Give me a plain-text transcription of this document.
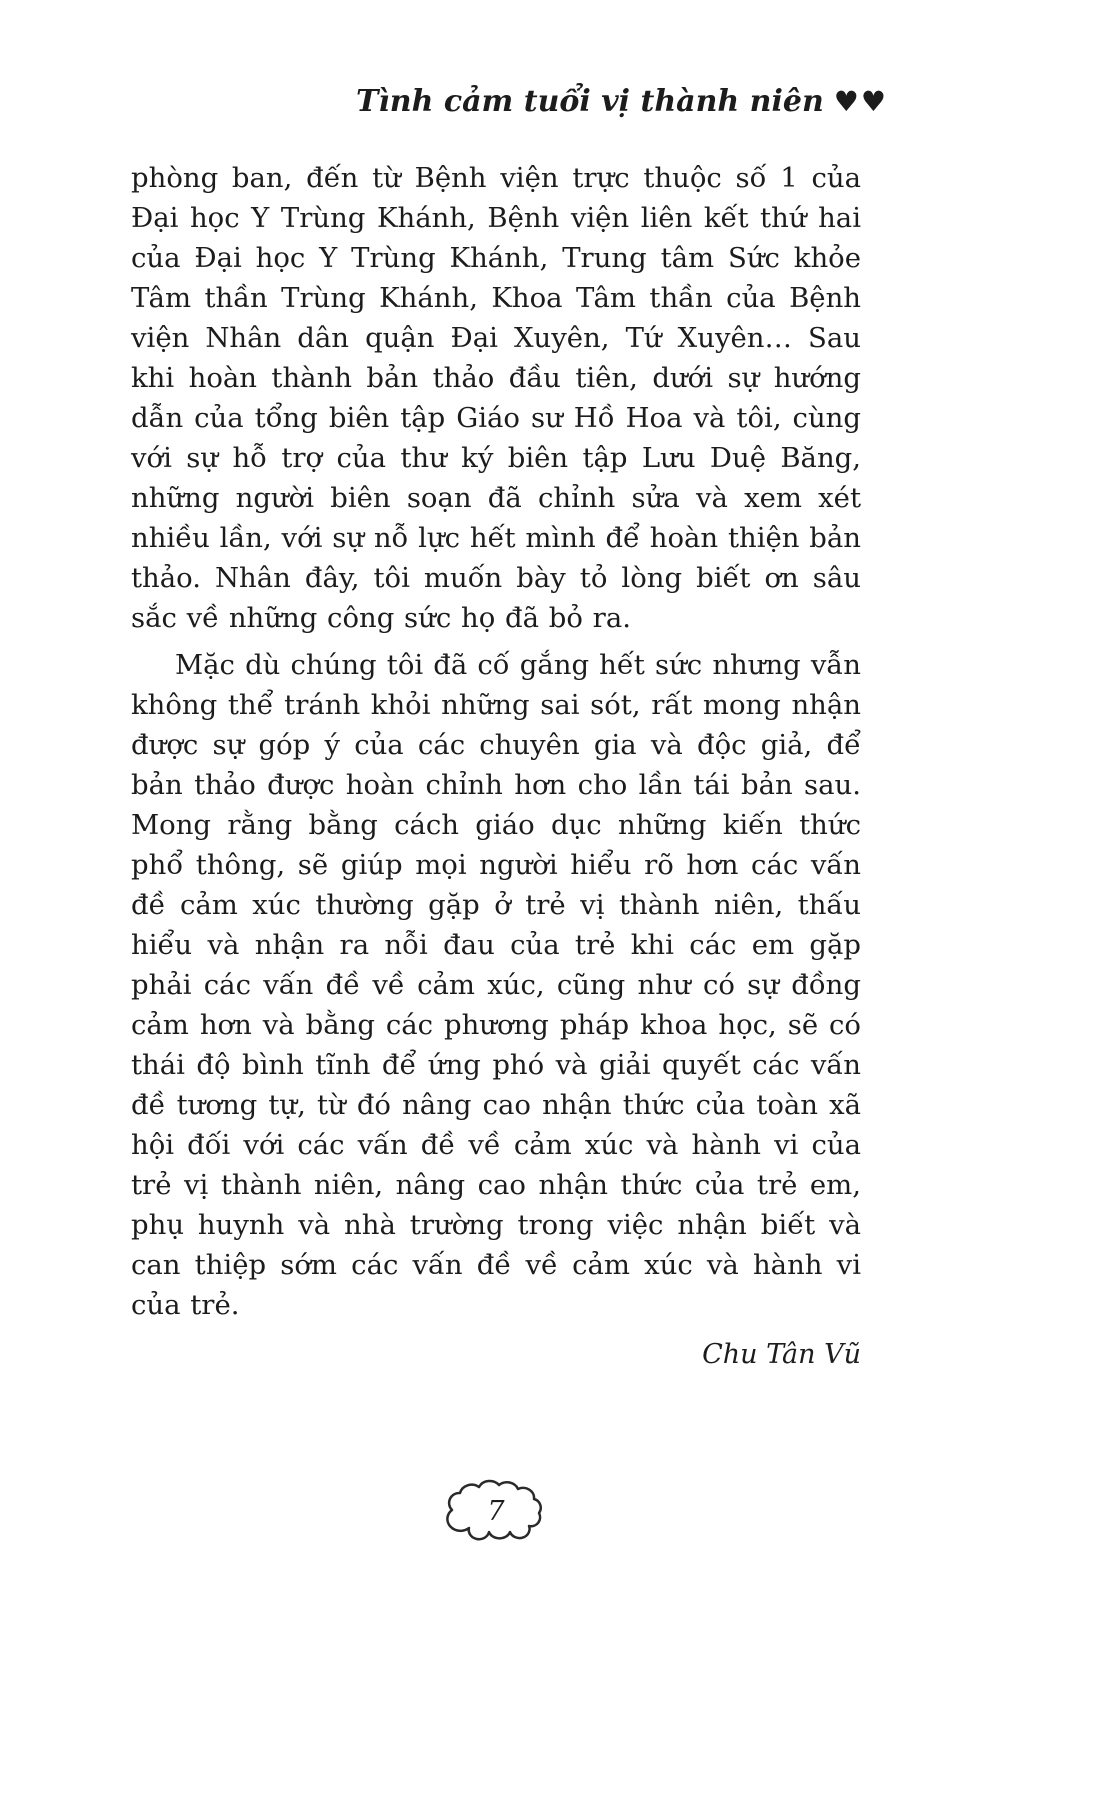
Tình cảm tuổi vị thành niên ♥♥

phòng ban, đến từ Bệnh viện trực thuộc số 1 của Đại học Y Trùng Khánh, Bệnh viện liên kết thứ hai của Đại học Y Trùng Khánh, Trung tâm Sức khỏe Tâm thần Trùng Khánh, Khoa Tâm thần của Bệnh viện Nhân dân quận Đại Xuyên, Tứ Xuyên… Sau khi hoàn thành bản thảo đầu tiên, dưới sự hướng dẫn của tổng biên tập Giáo sư Hồ Hoa và tôi, cùng với sự hỗ trợ của thư ký biên tập Lưu Duệ Băng, những người biên soạn đã chỉnh sửa và xem xét nhiều lần, với sự nỗ lực hết mình để hoàn thiện bản thảo. Nhân đây, tôi muốn bày tỏ lòng biết ơn sâu sắc về những công sức họ đã bỏ ra.

Mặc dù chúng tôi đã cố gắng hết sức nhưng vẫn không thể tránh khỏi những sai sót, rất mong nhận được sự góp ý của các chuyên gia và độc giả, để bản thảo được hoàn chỉnh hơn cho lần tái bản sau. Mong rằng bằng cách giáo dục những kiến thức phổ thông, sẽ giúp mọi người hiểu rõ hơn các vấn đề cảm xúc thường gặp ở trẻ vị thành niên, thấu hiểu và nhận ra nỗi đau của trẻ khi các em gặp phải các vấn đề về cảm xúc, cũng như có sự đồng cảm hơn và bằng các phương pháp khoa học, sẽ có thái độ bình tĩnh để ứng phó và giải quyết các vấn đề tương tự, từ đó nâng cao nhận thức của toàn xã hội đối với các vấn đề về cảm xúc và hành vi của trẻ vị thành niên, nâng cao nhận thức của trẻ em, phụ huynh và nhà trường trong việc nhận biết và can thiệp sớm các vấn đề về cảm xúc và hành vi của trẻ.

Chu Tân Vũ

7
